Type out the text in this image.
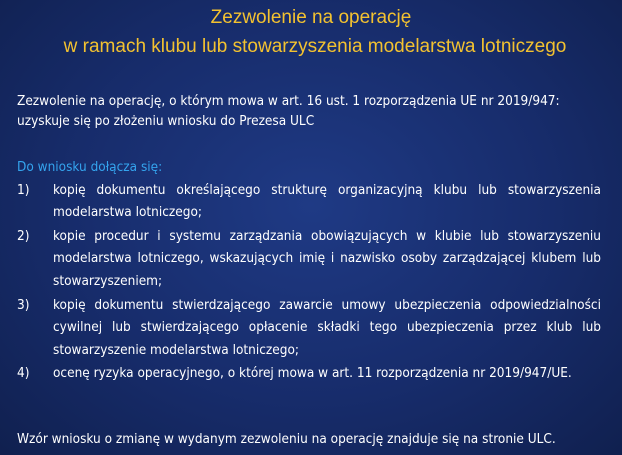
Zezwolenie na operację
w ramach klubu lub stowarzyszenia modelarstwa lotniczego
Zezwolenie na operację, o którym mowa w art. 16 ust. 1 rozporządzenia UE nr 2019/947:
uzyskuje się po złożeniu wniosku do Prezesa ULC
Do wniosku dołącza się:
1) kopię dokumentu określającego strukturę organizacyjną klubu lub stowarzyszenia
modelarstwa lotniczego;
2) kopie procedur i systemu zarządzania obowiązujących w klubie lub stowarzyszeniu
modelarstwa lotniczego, wskazujących imię i nazwisko osoby zarządzającej klubem lub
stowarzyszeniem;
3) kopię dokumentu stwierdzającego zawarcie umowy ubezpieczenia odpowiedzialności
cywilnej lub stwierdzającego opłacenie składki tego ubezpieczenia przez klub lub
stowarzyszenie modelarstwa lotniczego;
4) ocenę ryzyka operacyjnego, o której mowa w art. 11 rozporządzenia nr 2019/947/UE.
Wzór wniosku o zmianę w wydanym zezwoleniu na operację znajduje się na stronie ULC.
